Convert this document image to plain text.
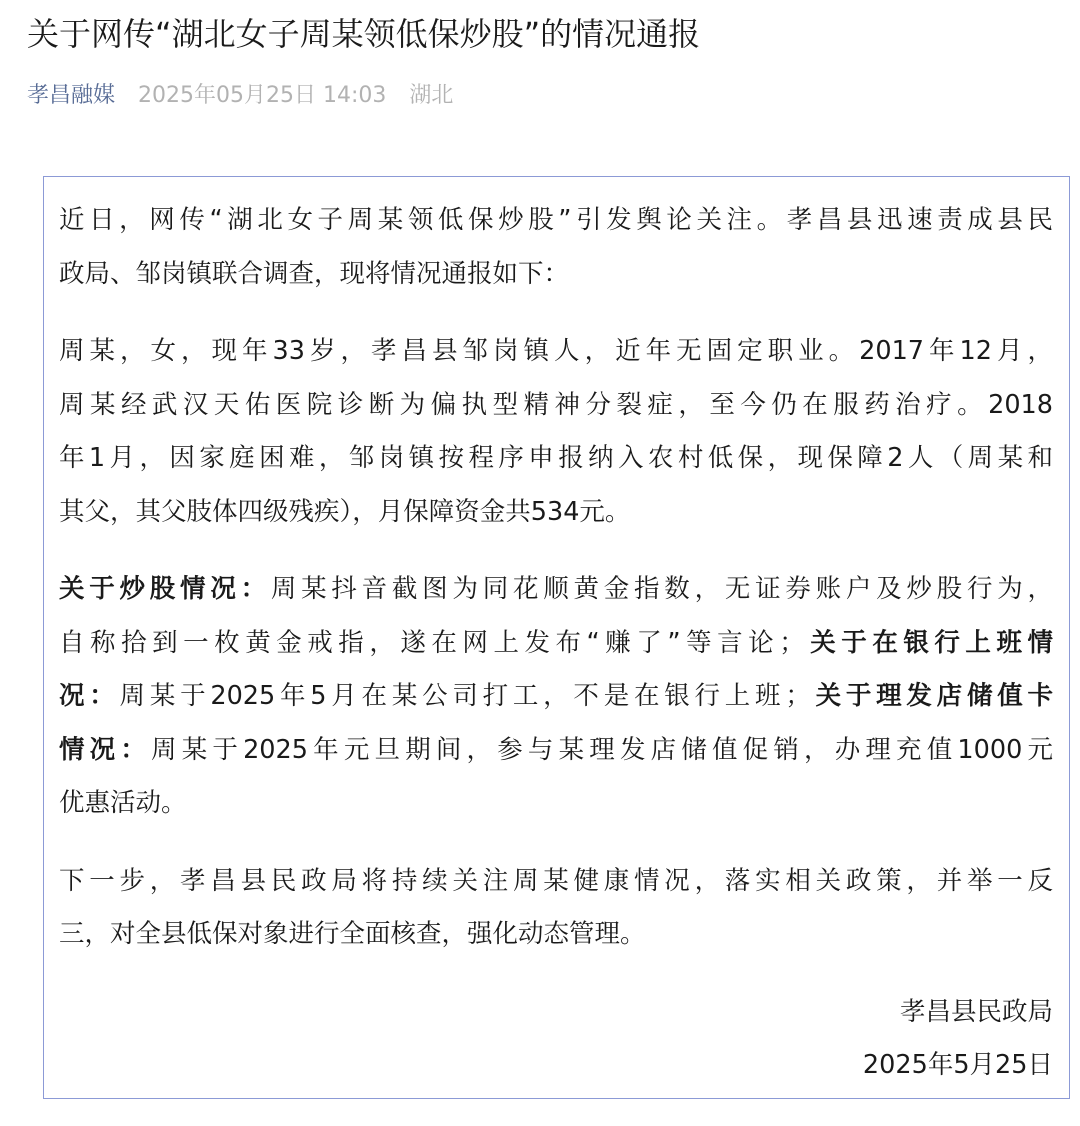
关于网传“湖北女子周某领低保炒股”的情况通报
孝昌融媒 2025年05月25日 14:03 湖北
近日，网传“湖北女子周某领低保炒股”引发舆论关注。孝昌县迅速责成县民
政局、邹岗镇联合调查，现将情况通报如下：
周某，女，现年33岁，孝昌县邹岗镇人，近年无固定职业。2017年12月，
周某经武汉天佑医院诊断为偏执型精神分裂症，至今仍在服药治疗。2018
年1月，因家庭困难，邹岗镇按程序申报纳入农村低保，现保障2人（周某和
其父，其父肢体四级残疾），月保障资金共534元。
关于炒股情况：周某抖音截图为同花顺黄金指数，无证券账户及炒股行为，
自称拾到一枚黄金戒指，遂在网上发布“赚了”等言论；关于在银行上班情
况：周某于2025年5月在某公司打工，不是在银行上班；关于理发店储值卡
情况：周某于2025年元旦期间，参与某理发店储值促销，办理充值1000元
优惠活动。
下一步，孝昌县民政局将持续关注周某健康情况，落实相关政策，并举一反
三，对全县低保对象进行全面核查，强化动态管理。
孝昌县民政局
2025年5月25日
